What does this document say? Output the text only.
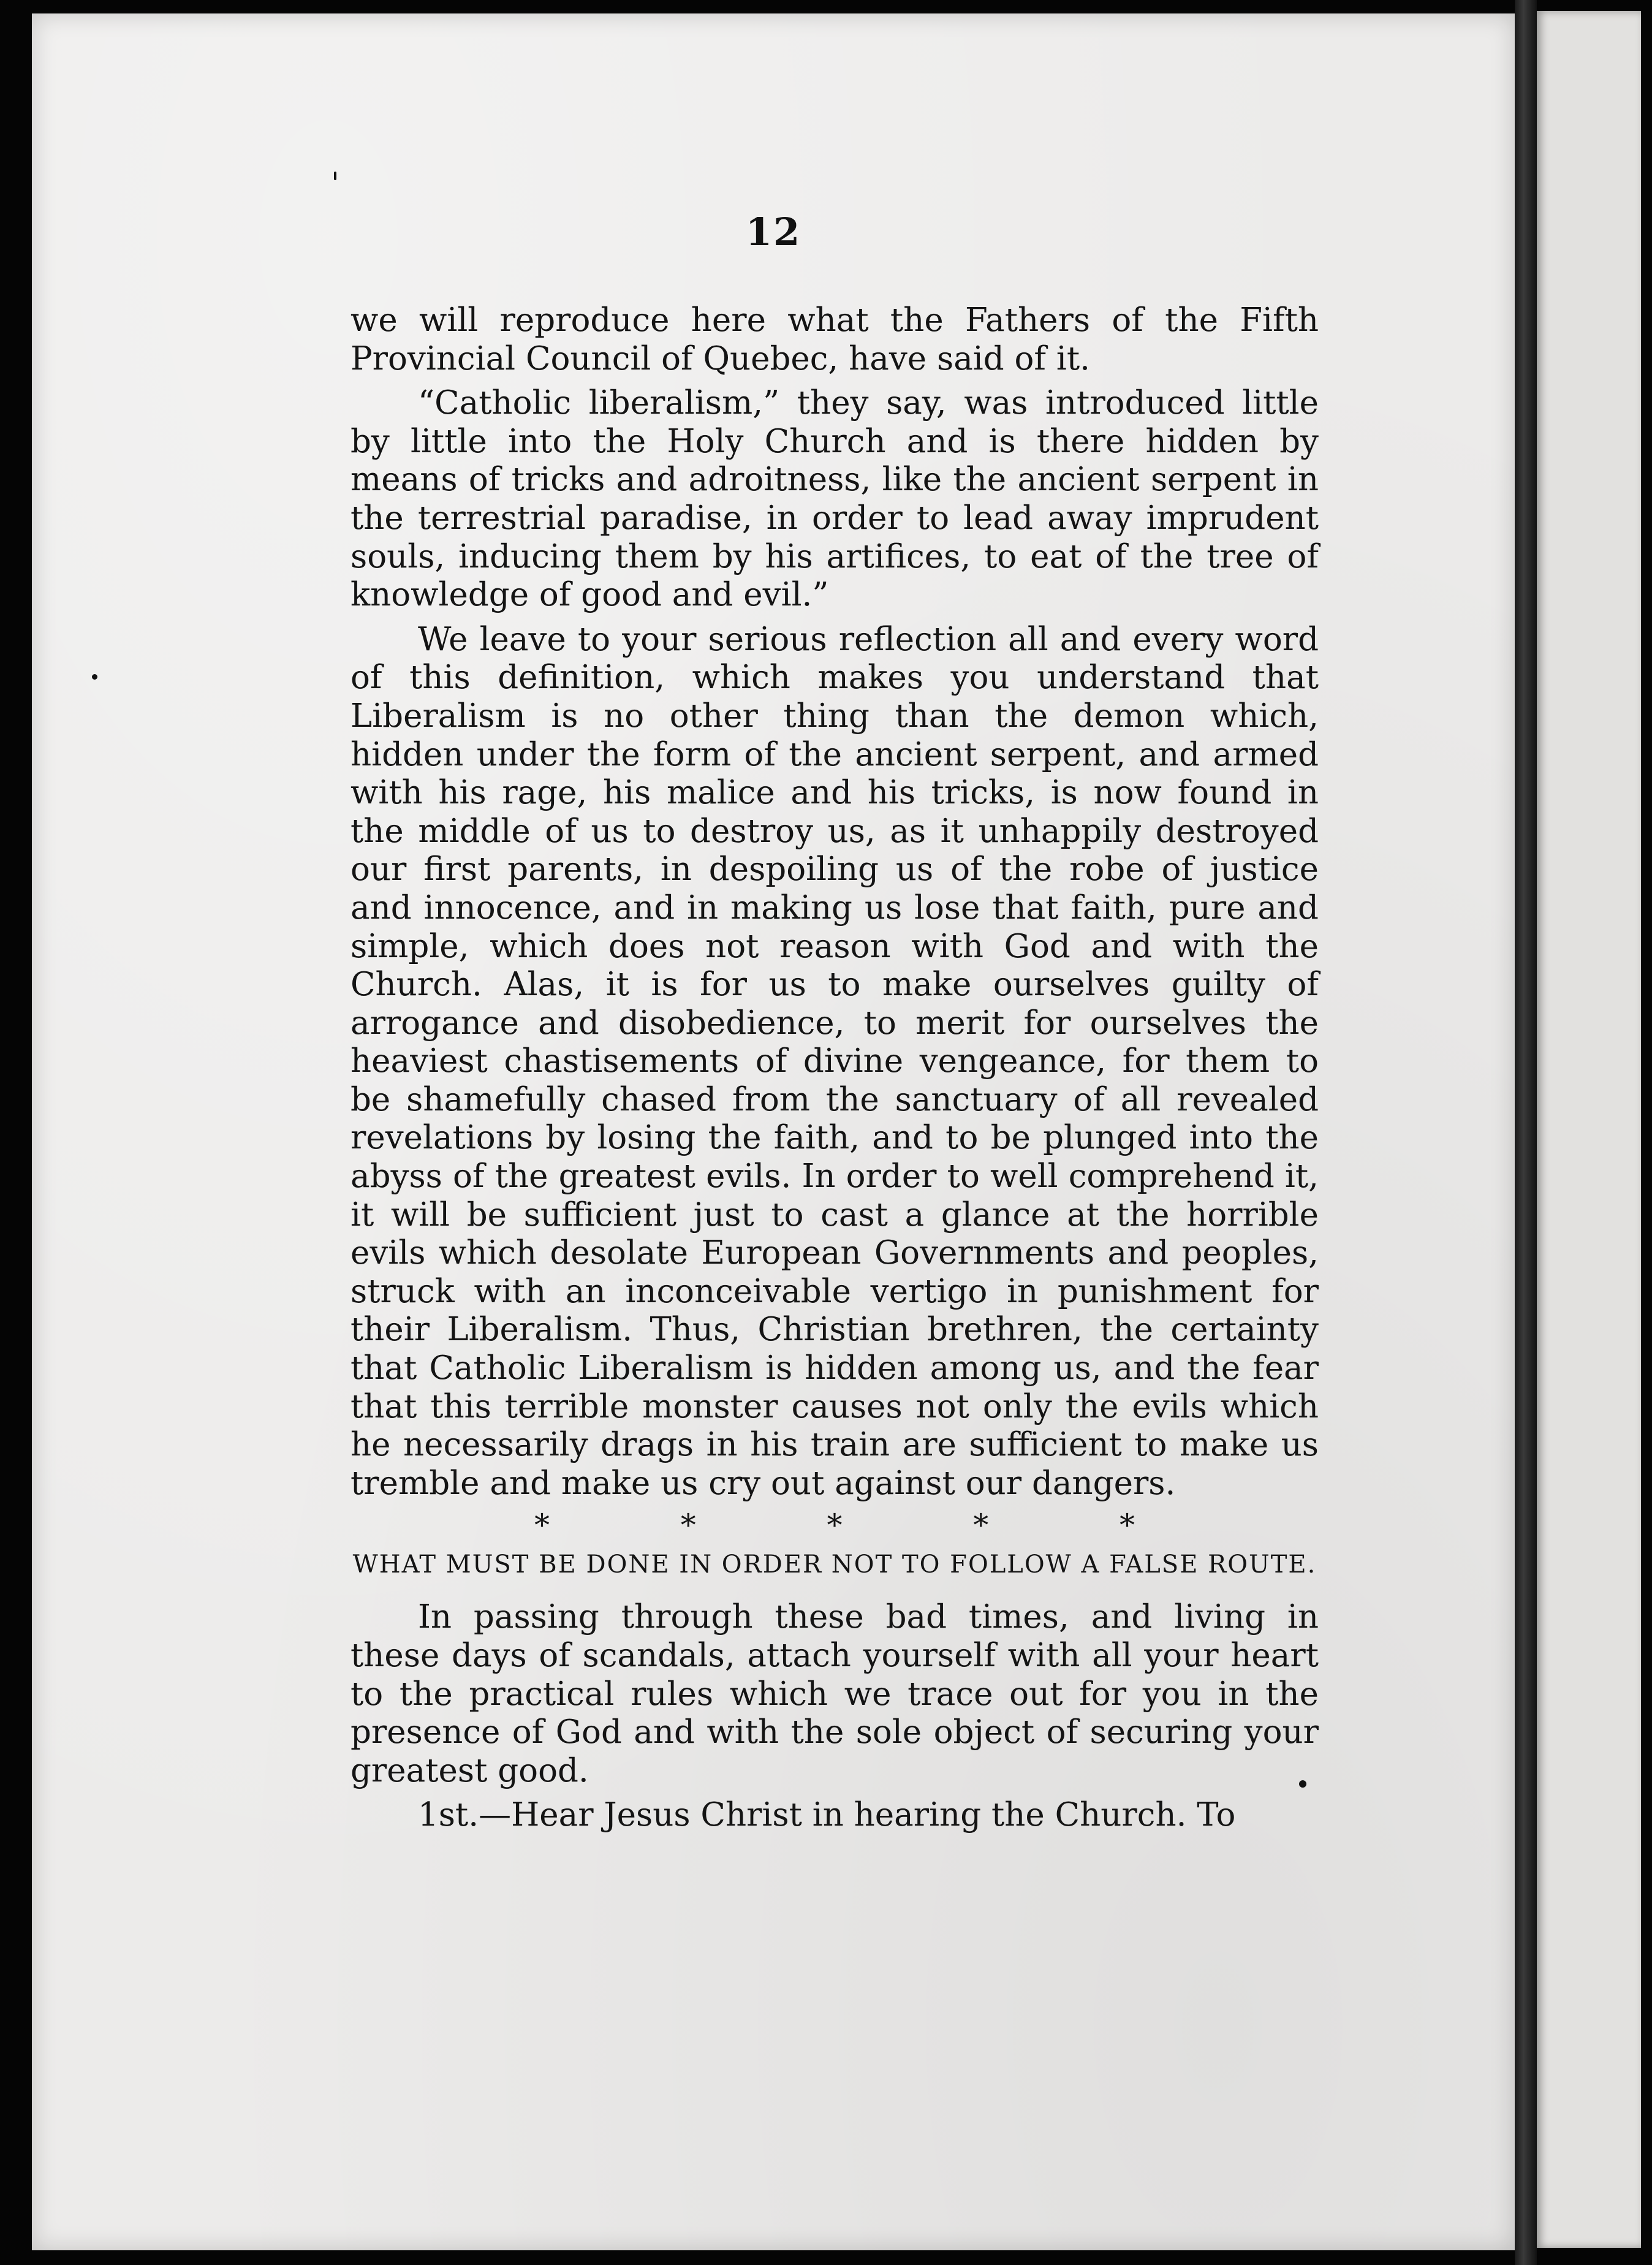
12

we will reproduce here what the Fathers of the Fifth Provincial Council of Quebec, have said of it.

“Catholic liberalism,” they say, was introduced little by little into the Holy Church and is there hidden by means of tricks and adroitness, like the ancient serpent in the terrestrial paradise, in order to lead away imprudent souls, inducing them by his artifices, to eat of the tree of knowledge of good and evil.”

We leave to your serious reflection all and every word of this definition, which makes you understand that Liberalism is no other thing than the demon which, hidden under the form of the ancient serpent, and armed with his rage, his malice and his tricks, is now found in the middle of us to destroy us, as it unhappily destroyed our first parents, in despoiling us of the robe of justice and innocence, and in making us lose that faith, pure and simple, which does not reason with God and with the Church. Alas, it is for us to make ourselves guilty of arrogance and disobedience, to merit for ourselves the heaviest chastisements of divine vengeance, for them to be shamefully chased from the sanctuary of all revealed revelations by losing the faith, and to be plunged into the abyss of the greatest evils. In order to well comprehend it, it will be sufficient just to cast a glance at the horrible evils which desolate European Governments and peoples, struck with an inconceivable vertigo in punishment for their Liberalism. Thus, Christian brethren, the certainty that Catholic Liberalism is hidden among us, and the fear that this terrible monster causes not only the evils which he necessarily drags in his train are sufficient to make us tremble and make us cry out against our dangers.

*	*	*	*	*
WHAT MUST BE DONE IN ORDER NOT TO FOLLOW A FALSE ROUTE.

In passing through these bad times, and living in these days of scandals, attach yourself with all your heart to the practical rules which we trace out for you in the presence of God and with the sole object of securing your greatest good.

1st.—Hear Jesus Christ in hearing the Church. To
